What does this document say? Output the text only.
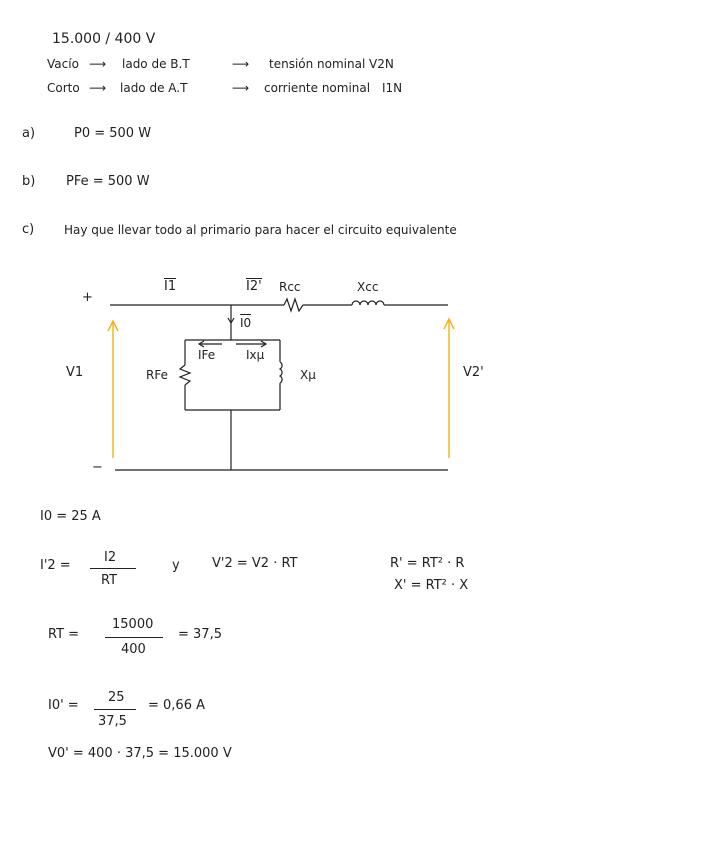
15.000 / 400 V
Vacío ⟶ lado de B.T	⟶ tensión nominal V2N
Corto ⟶ lado de A.T	⟶ corriente nominal I1N
a)	P0 = 500 W
b) PFe = 500 W
c) Hay que llevar todo al primario para hacer el circuito equivalente
+
−
I1	I2' Rcc	Xcc
I0
IFe	Ixμ
RFe	Xμ
V1	V2'
I0 = 25 A
I'2 =
I2
RT
y V'2 = V2 · RT	R' = RT² · R
X' = RT² · X
RT =
15000
400
= 37,5
I0' =
25
37,5
= 0,66 A
V0' = 400 · 37,5 = 15.000 V
